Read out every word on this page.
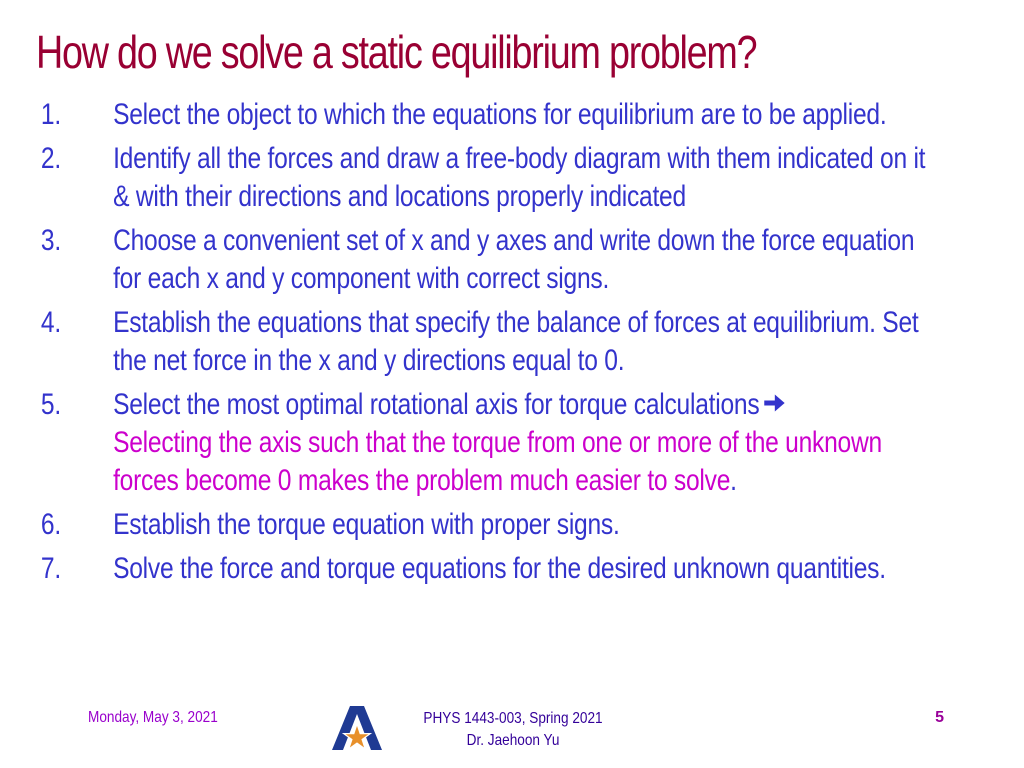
How do we solve a static equilibrium problem?
1. Select the object to which the equations for equilibrium are to be applied.
2. Identify all the forces and draw a free-body diagram with them indicated on it & with their directions and locations properly indicated
3. Choose a convenient set of x and y axes and write down the force equation for each x and y component with correct signs.
4. Establish the equations that specify the balance of forces at equilibrium. Set the net force in the x and y directions equal to 0.
5. Select the most optimal rotational axis for torque calculations
Selecting the axis such that the torque from one or more of the unknown forces become 0 makes the problem much easier to solve.
6. Establish the torque equation with proper signs.
7. Solve the force and torque equations for the desired unknown quantities.
Monday, May 3, 2021	PHYS 1443-003, Spring 2021
Dr. Jaehoon Yu
5
